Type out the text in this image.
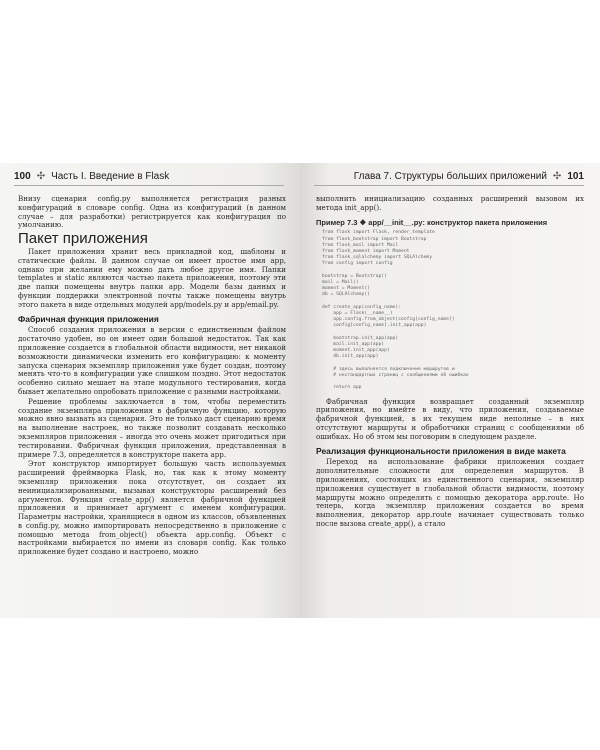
100 ✣ Часть I. Введение в Flask

Внизу сценария config.py выполняется регистрация разных конфигураций в словаре config. Одна из конфигураций (в данном случае – для разработки) регистрируется как конфигурация по умолчанию.

Пакет приложения

Пакет приложения хранит весь прикладной код, шаблоны и статические файлы. В данном случае он имеет простое имя app, однако при желании ему можно дать любое другое имя. Папки templates и static являются частью пакета приложения, поэтому эти две папки помещены внутрь папки app. Модели базы данных и функции поддержки электронной почты также помещены внутрь этого пакета в виде отдельных модулей app/models.py и app/email.py.

Фабричная функция приложения

Способ создания приложения в версии с единственным файлом достаточно удобен, но он имеет один большой недостаток. Так как приложение создается в глобальной области видимости, нет никакой возможности динамически изменить его конфигурацию: к моменту запуска сценария экземпляр приложения уже будет создан, поэтому менять что-то в конфигурации уже слишком поздно. Этот недостаток особенно сильно мешает на этапе модульного тестирования, когда бывает желательно опробовать приложение с разными настройками.

Решение проблемы заключается в том, чтобы переместить создание экземпляра приложения в фабричную функцию, которую можно явно вызвать из сценария. Это не только даст сценарию время на выполнение настроек, но также позволит создавать несколько экземпляров приложения – иногда это очень может пригодиться при тестировании. Фабричная функция приложения, представленная в примере 7.3, определяется в конструкторе пакета app.

Этот конструктор импортирует большую часть используемых расширений фреймворка Flask, но, так как к этому моменту экземпляр приложения пока отсутствует, он создает их неинициализированными, вызывая конструкторы расширений без аргументов. Функция create_app() является фабричной функцией приложения и принимает аргумент с именем конфигурации. Параметры настройки, хранящиеся в одном из классов, объявленных в config.py, можно импортировать непосредственно в приложение с помощью метода from_object() объекта app.config. Объект с настройками выбирается по имени из словаря config. Как только приложение будет создано и настроено, можно

Глава 7. Структуры больших приложений ✣ 101

выполнить инициализацию созданных расширений вызовом их метода init_app().

Пример 7.3 ❖ app/__init__.py: конструктор пакета приложения
from flask import Flask, render_template
from flask_bootstrap import Bootstrap
from flask_mail import Mail
from flask_moment import Moment
from flask_sqlalchemy import SQLAlchemy
from config import config

bootstrap = Bootstrap()
mail = Mail()
moment = Moment()
db = SQLAlchemy()

def create_app(config_name):
app = Flask(__name__)
app.config.from_object(config[config_name])
config[config_name].init_app(app)

bootstrap.init_app(app)
mail.init_app(app)
moment.init_app(app)
db.init_app(app)

# здесь выполняется подключение маршрутов и
# нестандартных страниц с сообщениями об ошибках

return app

Фабричная функция возвращает созданный экземпляр приложения, но имейте в виду, что приложения, создаваемые фабричной функцией, в их текущем виде неполные – в них отсутствуют маршруты и обработчики страниц с сообщениями об ошибках. Но об этом мы поговорим в следующем разделе.

Реализация функциональности приложения в виде макета

Переход на использование фабрики приложения создает дополнительные сложности для определения маршрутов. В приложениях, состоящих из единственного сценария, экземпляр приложения существует в глобальной области видимости, поэтому маршруты можно определять с помощью декоратора app.route. Но теперь, когда экземпляр приложения создается во время выполнения, декоратор app.route начинает существовать только после вызова create_app(), а стало
